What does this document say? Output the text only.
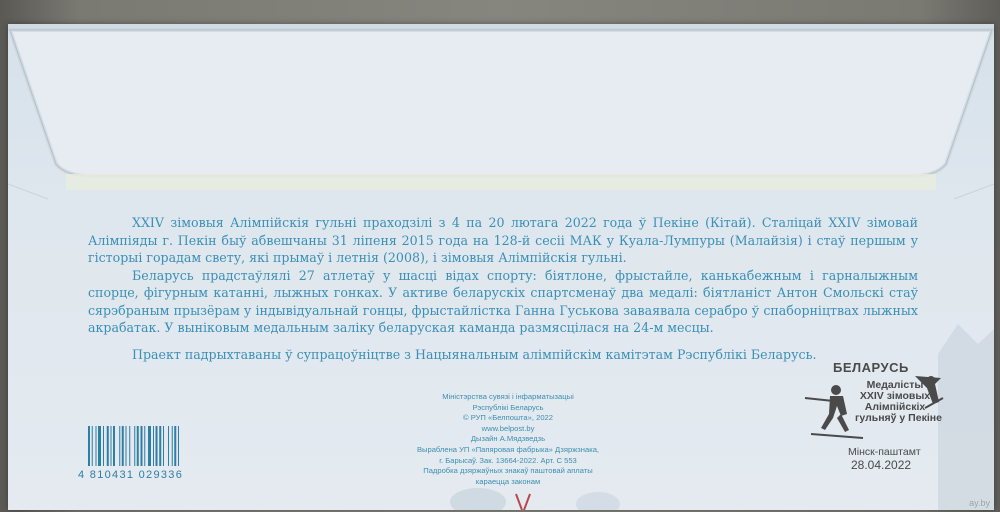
XXIV зімовыя Алімпійскія гульні праходзілі з 4 па 20 лютага 2022 года ў Пекіне (Кітай). Сталіцай XXIV зімовай Алімпіяды г. Пекін быў абвешчаны 31 ліпеня 2015 года на 128-й сесіі МАК у Куала-Лумпуры (Малайзія) і стаў першым у гісторыі горадам свету, які прымаў і летнія (2008), і зімовыя Алімпійскія гульні.

Беларусь прадстаўлялі 27 атлетаў у шасці відах спорту: біятлоне, фрыстайле, канькабежным і гарналыжным спорце, фігурным катанні, лыжных гонках. У активе беларускіх спартсменаў два медалі: біятланіст Антон Смольскі стаў сярэбраным прызёрам у індывідуальнай гонцы, фрыстайлістка Ганна Гуськова заваявала серабро ў спаборніцтвах лыжных акрабатак. У выніковым медальным заліку беларуская каманда размясцілася на 24-м месцы.

Праект падрыхтаваны ў супрацоўніцтве з Нацыянальным алімпійскім камітэтам Рэспублікі Беларусь.

4 810431 029336
Міністэрства сувязі і інфарматызацыі
Рэспублікі Беларусь
© РУП «Белпошта», 2022
www.belpost.by
Дызайн А.Мядзведзь
Выраблена УП «Папяровая фабрыка» Дзяржзнака,
г. Барысаў. Зак. 13664-2022. Арт. С 553
Падробка дзяржаўных знакаў паштовай аплаты
караецца законам
БЕЛАРУСЬ
Медалісты
XXIV зімовых
Алімпійскіх
гульняў у Пекіне
Мінск-паштамт
28.04.2022
ay.by
